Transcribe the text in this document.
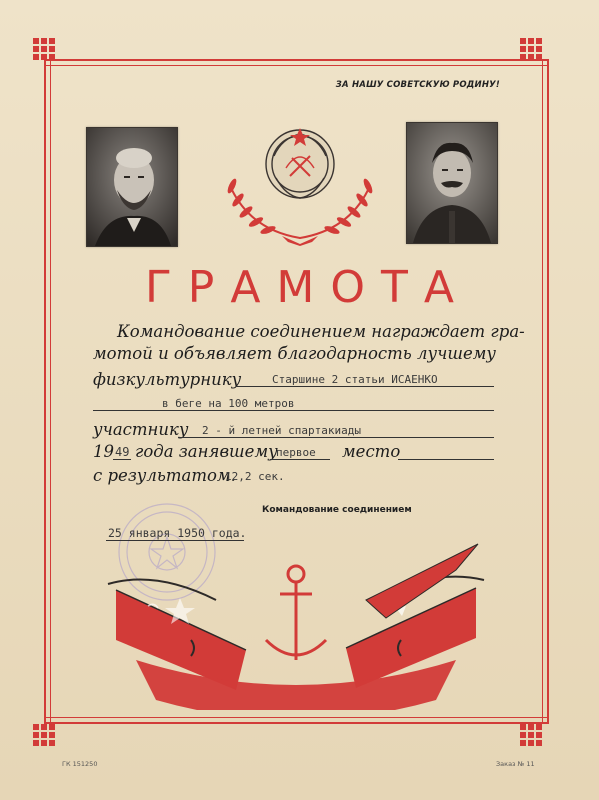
ЗА НАШУ СОВЕТСКУЮ РОДИНУ!
ГРАМОТА
Командование соединением награждает гра-
мотой и объявляет благодарность лучшему
физкультурнику	Старшине 2 статьи ИСАЕНКО
в беге на 100 метров
участнику 2 - й летней спартакиады
19 49 года занявшему
первое место
с результатом.
12,2 сек.
Командование соединением
25 января 1950 года.
ГК 151250	Заказ № 11
